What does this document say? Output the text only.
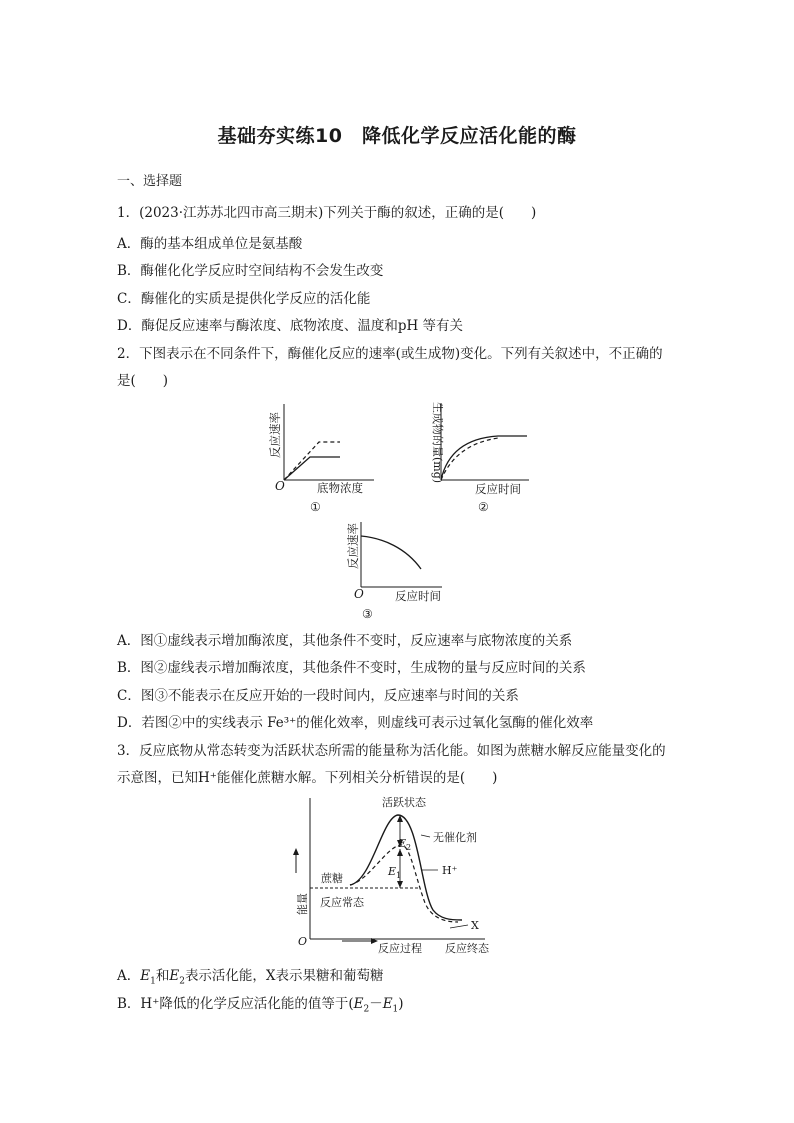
基础夯实练10　降低化学反应活化能的酶

一、选择题

1．(2023·江苏苏北四市高三期末)下列关于酶的叙述，正确的是(　　)

A．酶的基本组成单位是氨基酸

B．酶催化化学反应时空间结构不会发生改变

C．酶催化的实质是提供化学反应的活化能

D．酶促反应速率与酶浓度、底物浓度、温度和pH 等有关

2．下图表示在不同条件下，酶催化反应的速率(或生成物)变化。下列有关叙述中，不正确的

是(　　)

反应速率
O	底物浓度
①
生成物的量(mg)
反应时间
②
反应速率
O	反应时间
③

A．图①虚线表示增加酶浓度，其他条件不变时，反应速率与底物浓度的关系

B．图②虚线表示增加酶浓度，其他条件不变时，生成物的量与反应时间的关系

C．图③不能表示在反应开始的一段时间内，反应速率与时间的关系

D．若图②中的实线表示 Fe³⁺的催化效率，则虚线可表示过氧化氢酶的催化效率

3．反应底物从常态转变为活跃状态所需的能量称为活化能。如图为蔗糖水解反应能量变化的

示意图，已知H⁺能催化蔗糖水解。下列相关分析错误的是(　　)

活跃状态
无催化剂
$E_2$
$E_1$	H⁺
蔗糖
反应常态
能量
反应过程 反应终态
X
O

A．$E_1$和$E_2$表示活化能，X表示果糖和葡萄糖

B．H⁺降低的化学反应活化能的值等于$(E_2-E_1)$
